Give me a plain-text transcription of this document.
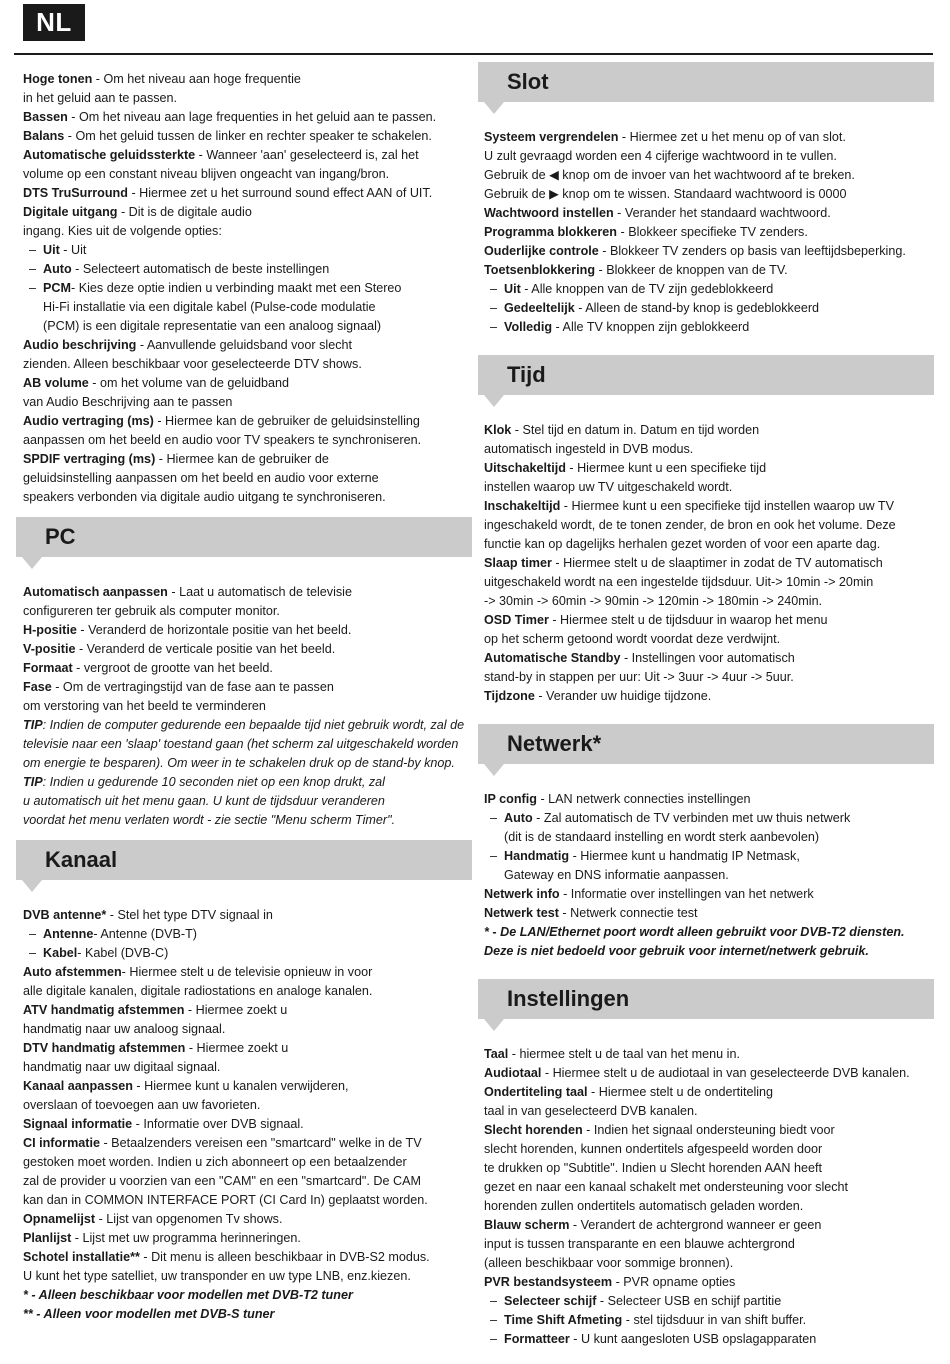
NL
Hoge tonen - Om het niveau aan hoge frequentie
in het geluid aan te passen.
Bassen - Om het niveau aan lage frequenties in het geluid aan te passen.
Balans - Om het geluid tussen de linker en rechter speaker te schakelen.
Automatische geluidssterkte - Wanneer 'aan' geselecteerd is, zal het
volume op een constant niveau blijven ongeacht van ingang/bron.
DTS TruSurround - Hiermee zet u het surround sound effect AAN of UIT.
Digitale uitgang - Dit is de digitale audio
ingang. Kies uit de volgende opties:
– Uit - Uit
– Auto - Selecteert automatisch de beste instellingen
– PCM- Kies deze optie indien u verbinding maakt met een Stereo
Hi-Fi installatie via een digitale kabel (Pulse-code modulatie
(PCM) is een digitale representatie van een analoog signaal)
Audio beschrijving - Aanvullende geluidsband voor slecht
zienden. Alleen beschikbaar voor geselecteerde DTV shows.
AB volume - om het volume van de geluidband
van Audio Beschrijving aan te passen
Audio vertraging (ms) - Hiermee kan de gebruiker de geluidsinstelling
aanpassen om het beeld en audio voor TV speakers te synchroniseren.
SPDIF vertraging (ms) - Hiermee kan de gebruiker de
geluidsinstelling aanpassen om het beeld en audio voor externe
speakers verbonden via digitale audio uitgang te synchroniseren.
PC
Automatisch aanpassen - Laat u automatisch de televisie
configureren ter gebruik als computer monitor.
H-positie - Veranderd de horizontale positie van het beeld.
V-positie - Veranderd de verticale positie van het beeld.
Formaat - vergroot de grootte van het beeld.
Fase - Om de vertragingstijd van de fase aan te passen
om verstoring van het beeld te verminderen
TIP: Indien de computer gedurende een bepaalde tijd niet gebruik wordt, zal de
televisie naar een 'slaap' toestand gaan (het scherm zal uitgeschakeld worden
om energie te besparen). Om weer in te schakelen druk op de stand-by knop.
TIP: Indien u gedurende 10 seconden niet op een knop drukt, zal
u automatisch uit het menu gaan. U kunt de tijdsduur veranderen
voordat het menu verlaten wordt - zie sectie "Menu scherm Timer".
Kanaal
DVB antenne* - Stel het type DTV signaal in
– Antenne- Antenne (DVB-T)
– Kabel- Kabel (DVB-C)
Auto afstemmen- Hiermee stelt u de televisie opnieuw in voor
alle digitale kanalen, digitale radiostations en analoge kanalen.
ATV handmatig afstemmen - Hiermee zoekt u
handmatig naar uw analoog signaal.
DTV handmatig afstemmen - Hiermee zoekt u
handmatig naar uw digitaal signaal.
Kanaal aanpassen - Hiermee kunt u kanalen verwijderen,
overslaan of toevoegen aan uw favorieten.
Signaal informatie - Informatie over DVB signaal.
CI informatie - Betaalzenders vereisen een "smartcard" welke in de TV
gestoken moet worden. Indien u zich abonneert op een betaalzender
zal de provider u voorzien van een "CAM" en een "smartcard". De CAM
kan dan in COMMON INTERFACE PORT (CI Card In) geplaatst worden.
Opnamelijst - Lijst van opgenomen Tv shows.
Planlijst - Lijst met uw programma herinneringen.
Schotel installatie** - Dit menu is alleen beschikbaar in DVB-S2 modus.
U kunt het type satelliet, uw transponder en uw type LNB, enz.kiezen.
* - Alleen beschikbaar voor modellen met DVB-T2 tuner
** - Alleen voor modellen met DVB-S tuner
Slot
Systeem vergrendelen - Hiermee zet u het menu op of van slot.
U zult gevraagd worden een 4 cijferige wachtwoord in te vullen.
Gebruik de ◀ knop om de invoer van het wachtwoord af te breken.
Gebruik de ▶ knop om te wissen. Standaard wachtwoord is 0000
Wachtwoord instellen - Verander het standaard wachtwoord.
Programma blokkeren - Blokkeer specifieke TV zenders.
Ouderlijke controle - Blokkeer TV zenders op basis van leeftijdsbeperking.
Toetsenblokkering - Blokkeer de knoppen van de TV.
– Uit - Alle knoppen van de TV zijn gedeblokkeerd
– Gedeeltelijk - Alleen de stand-by knop is gedeblokkeerd
– Volledig - Alle TV knoppen zijn geblokkeerd
Tijd
Klok - Stel tijd en datum in. Datum en tijd worden
automatisch ingesteld in DVB modus.
Uitschakeltijd - Hiermee kunt u een specifieke tijd
instellen waarop uw TV uitgeschakeld wordt.
Inschakeltijd - Hiermee kunt u een specifieke tijd instellen waarop uw TV
ingeschakeld wordt, de te tonen zender, de bron en ook het volume. Deze
functie kan op dagelijks herhalen gezet worden of voor een aparte dag.
Slaap timer - Hiermee stelt u de slaaptimer in zodat de TV automatisch
uitgeschakeld wordt na een ingestelde tijdsduur. Uit-> 10min -> 20min
-> 30min -> 60min -> 90min -> 120min -> 180min -> 240min.
OSD Timer - Hiermee stelt u de tijdsduur in waarop het menu
op het scherm getoond wordt voordat deze verdwijnt.
Automatische Standby - Instellingen voor automatisch
stand-by in stappen per uur: Uit -> 3uur -> 4uur -> 5uur.
Tijdzone - Verander uw huidige tijdzone.
Netwerk*
IP config - LAN netwerk connecties instellingen
– Auto - Zal automatisch de TV verbinden met uw thuis netwerk
(dit is de standaard instelling en wordt sterk aanbevolen)
– Handmatig - Hiermee kunt u handmatig IP Netmask,
Gateway en DNS informatie aanpassen.
Netwerk info - Informatie over instellingen van het netwerk
Netwerk test - Netwerk connectie test
* - De LAN/Ethernet poort wordt alleen gebruikt voor DVB-T2 diensten.
Deze is niet bedoeld voor gebruik voor internet/netwerk gebruik.
Instellingen
Taal - hiermee stelt u de taal van het menu in.
Audiotaal - Hiermee stelt u de audiotaal in van geselecteerde DVB kanalen.
Ondertiteling taal - Hiermee stelt u de ondertiteling
taal in van geselecteerd DVB kanalen.
Slecht horenden - Indien het signaal ondersteuning biedt voor
slecht horenden, kunnen ondertitels afgespeeld worden door
te drukken op "Subtitle". Indien u Slecht horenden AAN heeft
gezet en naar een kanaal schakelt met ondersteuning voor slecht
horenden zullen ondertitels automatisch geladen worden.
Blauw scherm - Verandert de achtergrond wanneer er geen
input is tussen transparante en een blauwe achtergrond
(alleen beschikbaar voor sommige bronnen).
PVR bestandsysteem - PVR opname opties
– Selecteer schijf - Selecteer USB en schijf partitie
– Time Shift Afmeting - stel tijdsduur in van shift buffer.
– Formatteer - U kunt aangesloten USB opslagapparaten
